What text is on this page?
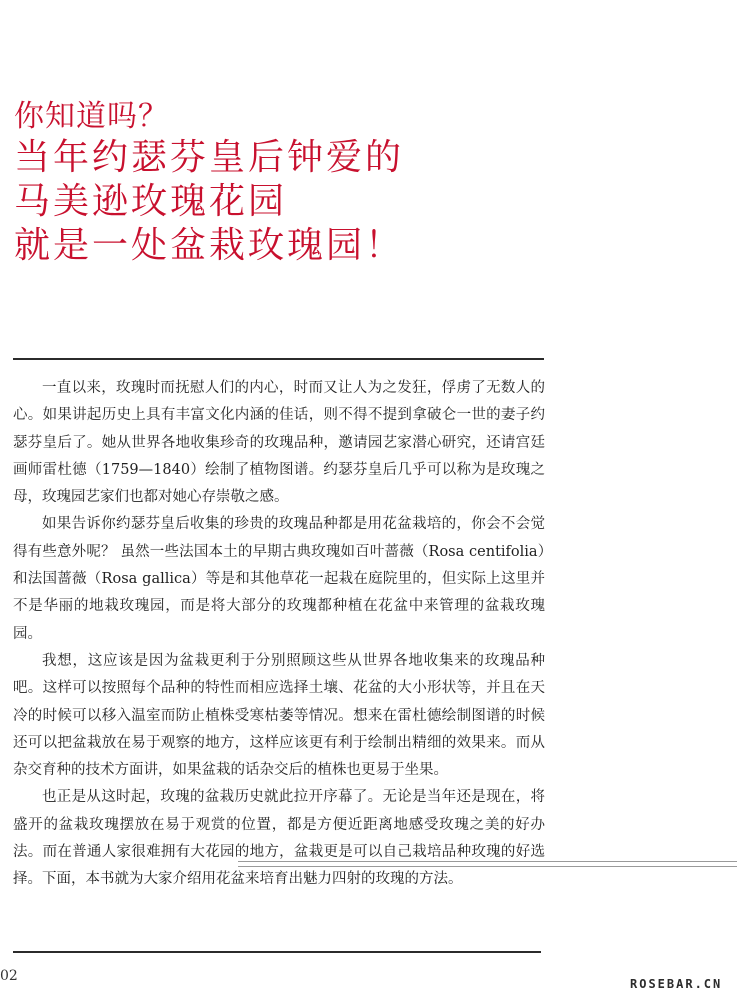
你知道吗？
当年约瑟芬皇后钟爱的
马美逊玫瑰花园
就是一处盆栽玫瑰园！

一直以来，玫瑰时而抚慰人们的内心，时而又让人为之发狂，俘虏了无数人的心。如果讲起历史上具有丰富文化内涵的佳话，则不得不提到拿破仑一世的妻子约瑟芬皇后了。她从世界各地收集珍奇的玫瑰品种，邀请园艺家潜心研究，还请宫廷画师雷杜德（1759—1840）绘制了植物图谱。约瑟芬皇后几乎可以称为是玫瑰之母，玫瑰园艺家们也都对她心存崇敬之感。

如果告诉你约瑟芬皇后收集的珍贵的玫瑰品种都是用花盆栽培的，你会不会觉得有些意外呢？ 虽然一些法国本土的早期古典玫瑰如百叶蔷薇（Rosa centifolia）和法国蔷薇（Rosa gallica）等是和其他草花一起栽在庭院里的，但实际上这里并不是华丽的地栽玫瑰园，而是将大部分的玫瑰都种植在花盆中来管理的盆栽玫瑰园。

我想，这应该是因为盆栽更利于分别照顾这些从世界各地收集来的玫瑰品种吧。这样可以按照每个品种的特性而相应选择土壤、花盆的大小形状等，并且在天冷的时候可以移入温室而防止植株受寒枯萎等情况。想来在雷杜德绘制图谱的时候还可以把盆栽放在易于观察的地方，这样应该更有利于绘制出精细的效果来。而从杂交育种的技术方面讲，如果盆栽的话杂交后的植株也更易于坐果。

也正是从这时起，玫瑰的盆栽历史就此拉开序幕了。无论是当年还是现在，将盛开的盆栽玫瑰摆放在易于观赏的位置，都是方便近距离地感受玫瑰之美的好办法。而在普通人家很难拥有大花园的地方，盆栽更是可以自己栽培品种玫瑰的好选择。下面，本书就为大家介绍用花盆来培育出魅力四射的玫瑰的方法。

02	ROSEBAR.CN
